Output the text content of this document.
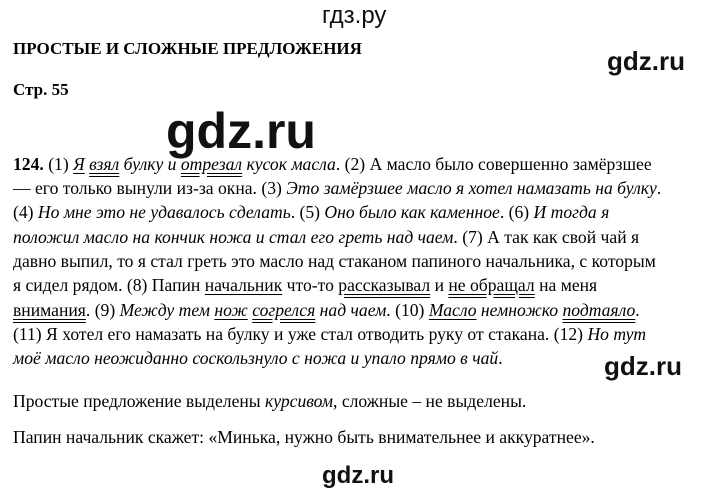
гдз.ру
gdz.ru
gdz.ru
gdz.ru
gdz.ru
ПРОСТЫЕ И СЛОЖНЫЕ ПРЕДЛОЖЕНИЯ
Стр. 55
124. (1) Я взял булку и отрезал кусок масла. (2) А масло было совершенно замёрзшее
— его только вынули из-за окна. (3) Это замёрзшее масло я хотел намазать на булку.
(4) Но мне это не удавалось сделать. (5) Оно было как каменное. (6) И тогда я
положил масло на кончик ножа и стал его греть над чаем. (7) А так как свой чай я
давно выпил, то я стал греть это масло над стаканом папиного начальника, с которым
я сидел рядом. (8) Папин начальник что-то рассказывал и не обращал на меня
внимания. (9) Между тем нож согрелся над чаем. (10) Масло немножко подтаяло.
(11) Я хотел его намазать на булку и уже стал отводить руку от стакана. (12) Но тут
моё масло неожиданно соскользнуло с ножа и упало прямо в чай.
Простые предложение выделены курсивом, сложные – не выделены.
Папин начальник скажет: «Минька, нужно быть внимательнее и аккуратнее».
